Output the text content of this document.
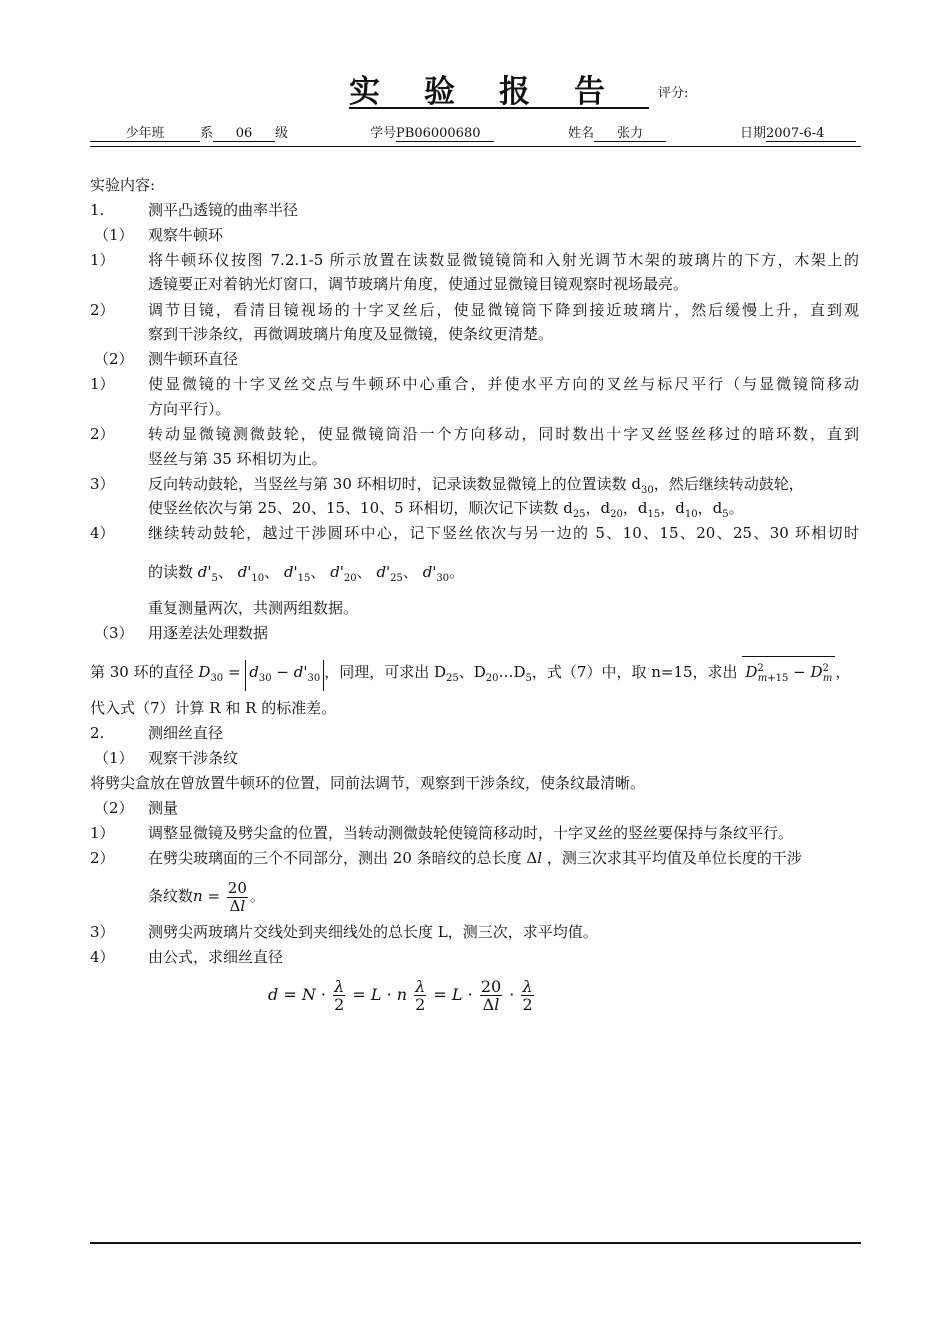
实验报告 评分:
少年班	系 06 级	学号PB06000680	姓名 张力	日期2007-6-4
实验内容:
1.	测平凸透镜的曲率半径
（1） 观察牛顿环
1） 将牛顿环仪按图 7.2.1-5 所示放置在读数显微镜镜筒和入射光调节木架的玻璃片的下方，木架上的
透镜要正对着钠光灯窗口，调节玻璃片角度，使通过显微镜目镜观察时视场最亮。
2） 调节目镜，看清目镜视场的十字叉丝后，使显微镜筒下降到接近玻璃片，然后缓慢上升，直到观
察到干涉条纹，再微调玻璃片角度及显微镜，使条纹更清楚。
（2） 测牛顿环直径
1） 使显微镜的十字叉丝交点与牛顿环中心重合，并使水平方向的叉丝与标尺平行（与显微镜筒移动
方向平行）。
2） 转动显微镜测微鼓轮，使显微镜筒沿一个方向移动，同时数出十字叉丝竖丝移过的暗环数，直到
竖丝与第 35 环相切为止。
3） 反向转动鼓轮，当竖丝与第 30 环相切时，记录读数显微镜上的位置读数 $d_{30}$，然后继续转动鼓轮，
使竖丝依次与第 25、20、15、10、5 环相切，顺次记下读数 $d_{25}$，$d_{20}$，$d_{15}$，$d_{10}$，$d_5$。
4） 继续转动鼓轮，越过干涉圆环中心，记下竖丝依次与另一边的 5、10、15、20、25、30 环相切时
的读数 $d'_5$、 $d'_{10}$、 $d'_{15}$、 $d'_{20}$、 $d'_{25}$、 $d'_{30}$。
重复测量两次，共测两组数据。
（3） 用逐差法处理数据
第 30 环的直径 $D_{30} = d_{30} - d'_{30}$ ，同理，可求出 $D_{25}$、$D_{20}\dots D_5$，式（7）中，取 n=15，求出 $D^2_{m+15} - D^2_m$ ，
代入式（7）计算 R 和 R 的标准差。
2.	测细丝直径
（1） 观察干涉条纹
将劈尖盒放在曾放置牛顿环的位置，同前法调节，观察到干涉条纹，使条纹最清晰。
（2） 测量
1） 调整显微镜及劈尖盒的位置，当转动测微鼓轮使镜筒移动时，十字叉丝的竖丝要保持与条纹平行。
2） 在劈尖玻璃面的三个不同部分，测出 20 条暗纹的总长度 Δl ，测三次求其平均值及单位长度的干涉
条纹数$n = \frac{20}{\Delta l}$ 。
3） 测劈尖两玻璃片交线处到夹细线处的总长度 L，测三次，求平均值。
4） 由公式，求细丝直径
$d = N \cdot \frac{\lambda}{2} = L \cdot n \frac{\lambda}{2} = L \cdot \frac{20}{\Delta l} \cdot \frac{\lambda}{2}$
